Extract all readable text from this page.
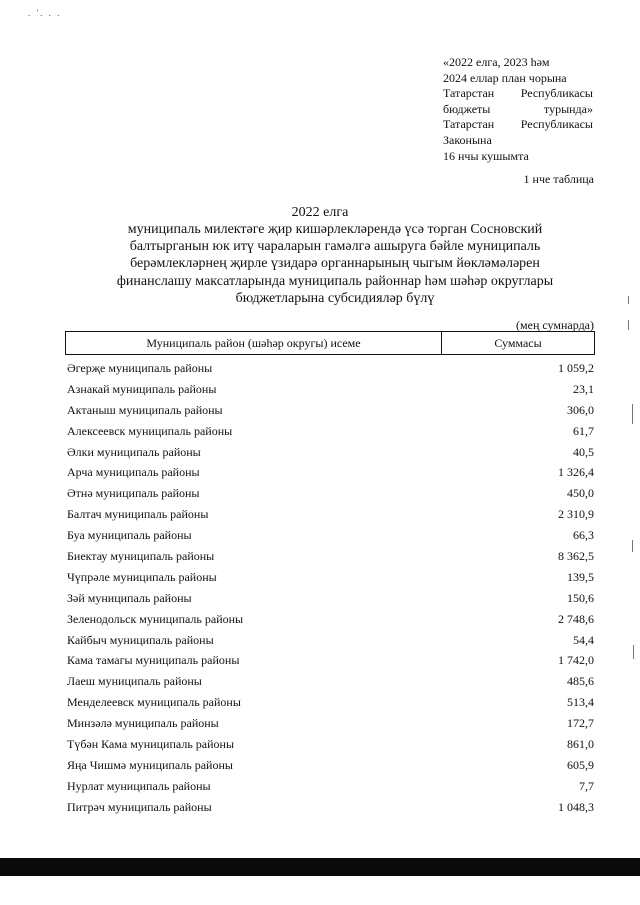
. '. . .
«2022 елга, 2023 һәм
2024 еллар план чорына
Татарстан Республикасы
бюджеты	турында»
Татарстан Республикасы
Законына
16 нчы кушымта
1 нче таблица
2022 елга
муниципаль милектәге җир кишәрлекләрендә үсә торган Сосновский
балтырганын юк итү чараларын гамәлгә ашыруга бәйле муниципаль
берәмлекләрнең җирле үзидарә органнарының чыгым йөкләмәләрен
финанслашу максатларында муниципаль районнар һәм шәһәр округлары
бюджетларына субсидияләр бүлү
(мең сумнарда)
Муниципаль район (шәһәр округы) исеме	Суммасы
Әгерҗе муниципаль районы	1 059,2
Азнакай муниципаль районы	23,1
Актаныш муниципаль районы	306,0
Алексеевск муниципаль районы	61,7
Әлки муниципаль районы	40,5
Арча муниципаль районы	1 326,4
Әтнә муниципаль районы	450,0
Балтач муниципаль районы	2 310,9
Буа муниципаль районы	66,3
Биектау муниципаль районы	8 362,5
Чүпрәле муниципаль районы	139,5
Зәй муниципаль районы	150,6
Зеленодольск муниципаль районы	2 748,6
Кайбыч муниципаль районы	54,4
Кама тамагы муниципаль районы	1 742,0
Лаеш муниципаль районы	485,6
Менделеевск муниципаль районы	513,4
Минзәлә муниципаль районы	172,7
Түбән Кама муниципаль районы	861,0
Яңа Чишмә муниципаль районы	605,9
Нурлат муниципаль районы	7,7
Питрәч муниципаль районы	1 048,3
